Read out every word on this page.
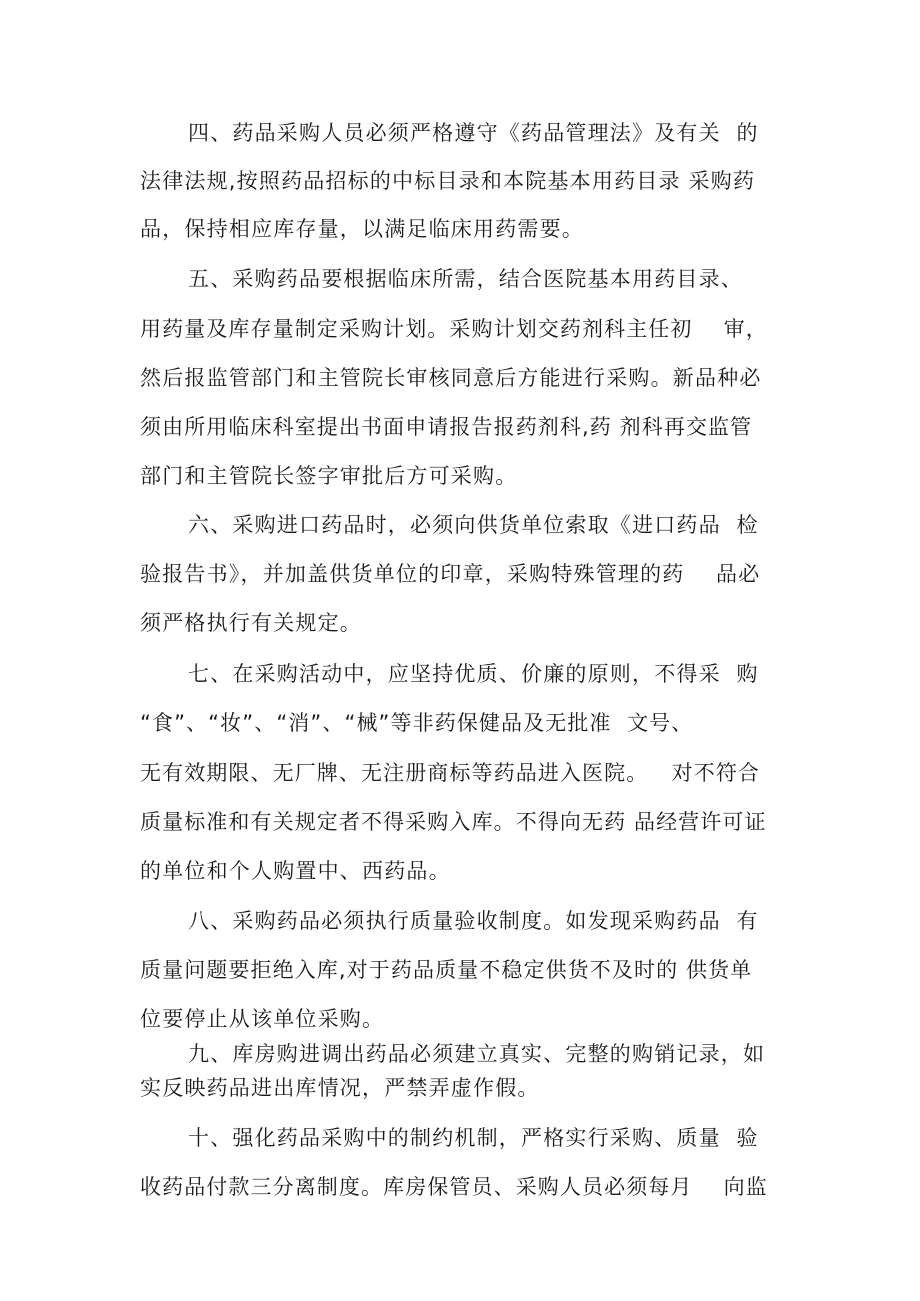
四、药品采购人员必须严格遵守《药品管理法》及有关  的
法律法规,按照药品招标的中标目录和本院基本用药目录 采购药
品，保持相应库存量，以满足临床用药需要。
五、采购药品要根据临床所需，结合医院基本用药目录、
用药量及库存量制定采购计划。采购计划交药剂科主任初    审，
然后报监管部门和主管院长审核同意后方能进行采购。新品种必
须由所用临床科室提出书面申请报告报药剂科,药 剂科再交监管
部门和主管院长签字审批后方可采购。
六、采购进口药品时，必须向供货单位索取《进口药品  检
验报告书》，并加盖供货单位的印章，采购特殊管理的药    品必
须严格执行有关规定。
七、在采购活动中，应坚持优质、价廉的原则，不得采  购
“食”、“妆”、“消”、“械”等非药保健品及无批准  文号、
无有效期限、无厂牌、无注册商标等药品进入医院。   对不符合
质量标准和有关规定者不得采购入库。不得向无药 品经营许可证
的单位和个人购置中、西药品。
八、采购药品必须执行质量验收制度。如发现采购药品  有
质量问题要拒绝入库,对于药品质量不稳定供货不及时的 供货单
位要停止从该单位采购。
九、库房购进调出药品必须建立真实、完整的购销记录，如
实反映药品进出库情况，严禁弄虚作假。
十、强化药品采购中的制约机制，严格实行采购、质量  验
收药品付款三分离制度。库房保管员、采购人员必须每月    向监
